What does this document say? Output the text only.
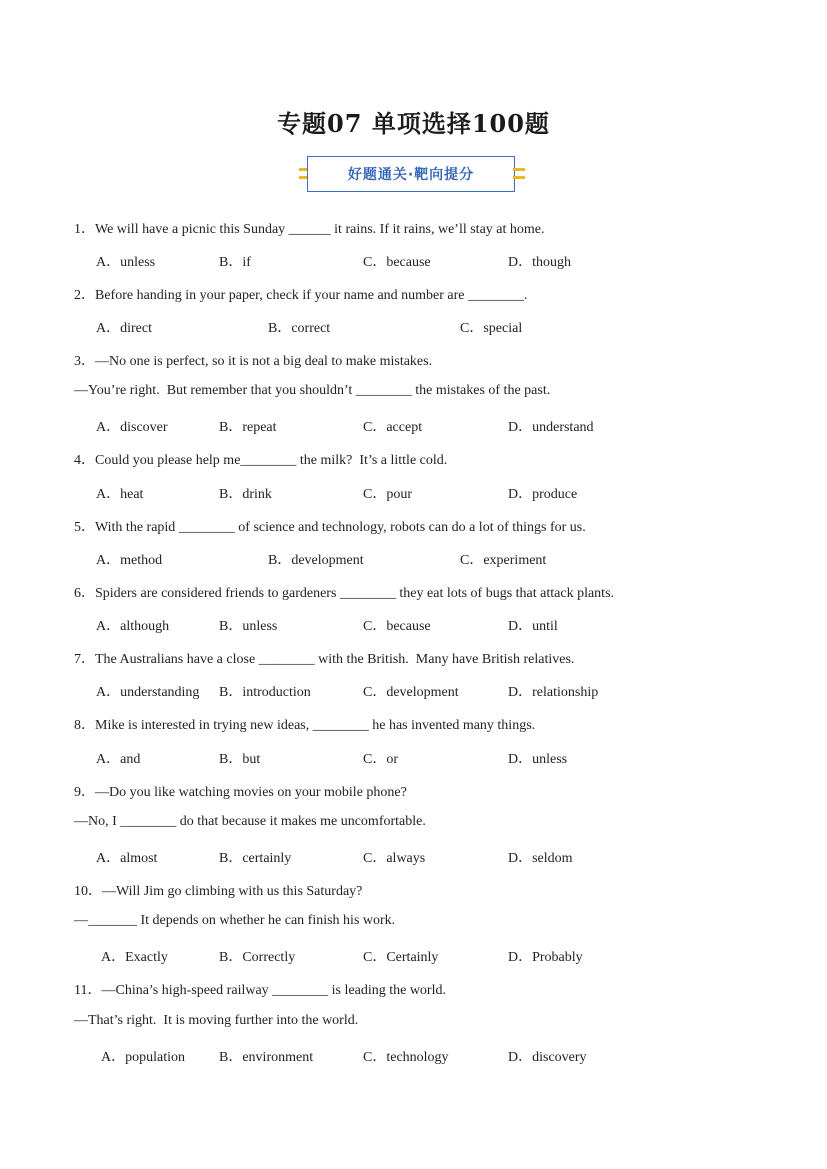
专题07 单项选择100题
好题通关·靶向提分
1．We will have a picnic this Sunday ______ it rains. If it rains, we’ll stay at home.
A．unless	B．if	C．because	D．though
2．Before handing in your paper, check if your name and number are ________.
A．direct	B．correct	C．special
3．—No one is perfect, so it is not a big deal to make mistakes.
—You’re right.  But remember that you shouldn’t ________ the mistakes of the past.
A．discover	B．repeat	C．accept	D．understand
4．Could you please help me________ the milk?  It’s a little cold.
A．heat	B．drink	C．pour	D．produce
5．With the rapid ________ of science and technology, robots can do a lot of things for us.
A．method	B．development	C．experiment
6．Spiders are considered friends to gardeners ________ they eat lots of bugs that attack plants.
A．although	B．unless	C．because	D．until
7．The Australians have a close ________ with the British.  Many have British relatives.
A．understanding B．introduction	C．development	D．relationship
8．Mike is interested in trying new ideas, ________ he has invented many things.
A．and	B．but	C．or	D．unless
9．—Do you like watching movies on your mobile phone?
—No, I ________ do that because it makes me uncomfortable.
A．almost	B．certainly	C．always	D．seldom
10．—Will Jim go climbing with us this Saturday?
—_______ It depends on whether he can finish his work.
A．Exactly	B．Correctly	C．Certainly	D．Probably
11．—China’s high-speed railway ________ is leading the world.
—That’s right.  It is moving further into the world.
A．population B．environment	C．technology	D．discovery
